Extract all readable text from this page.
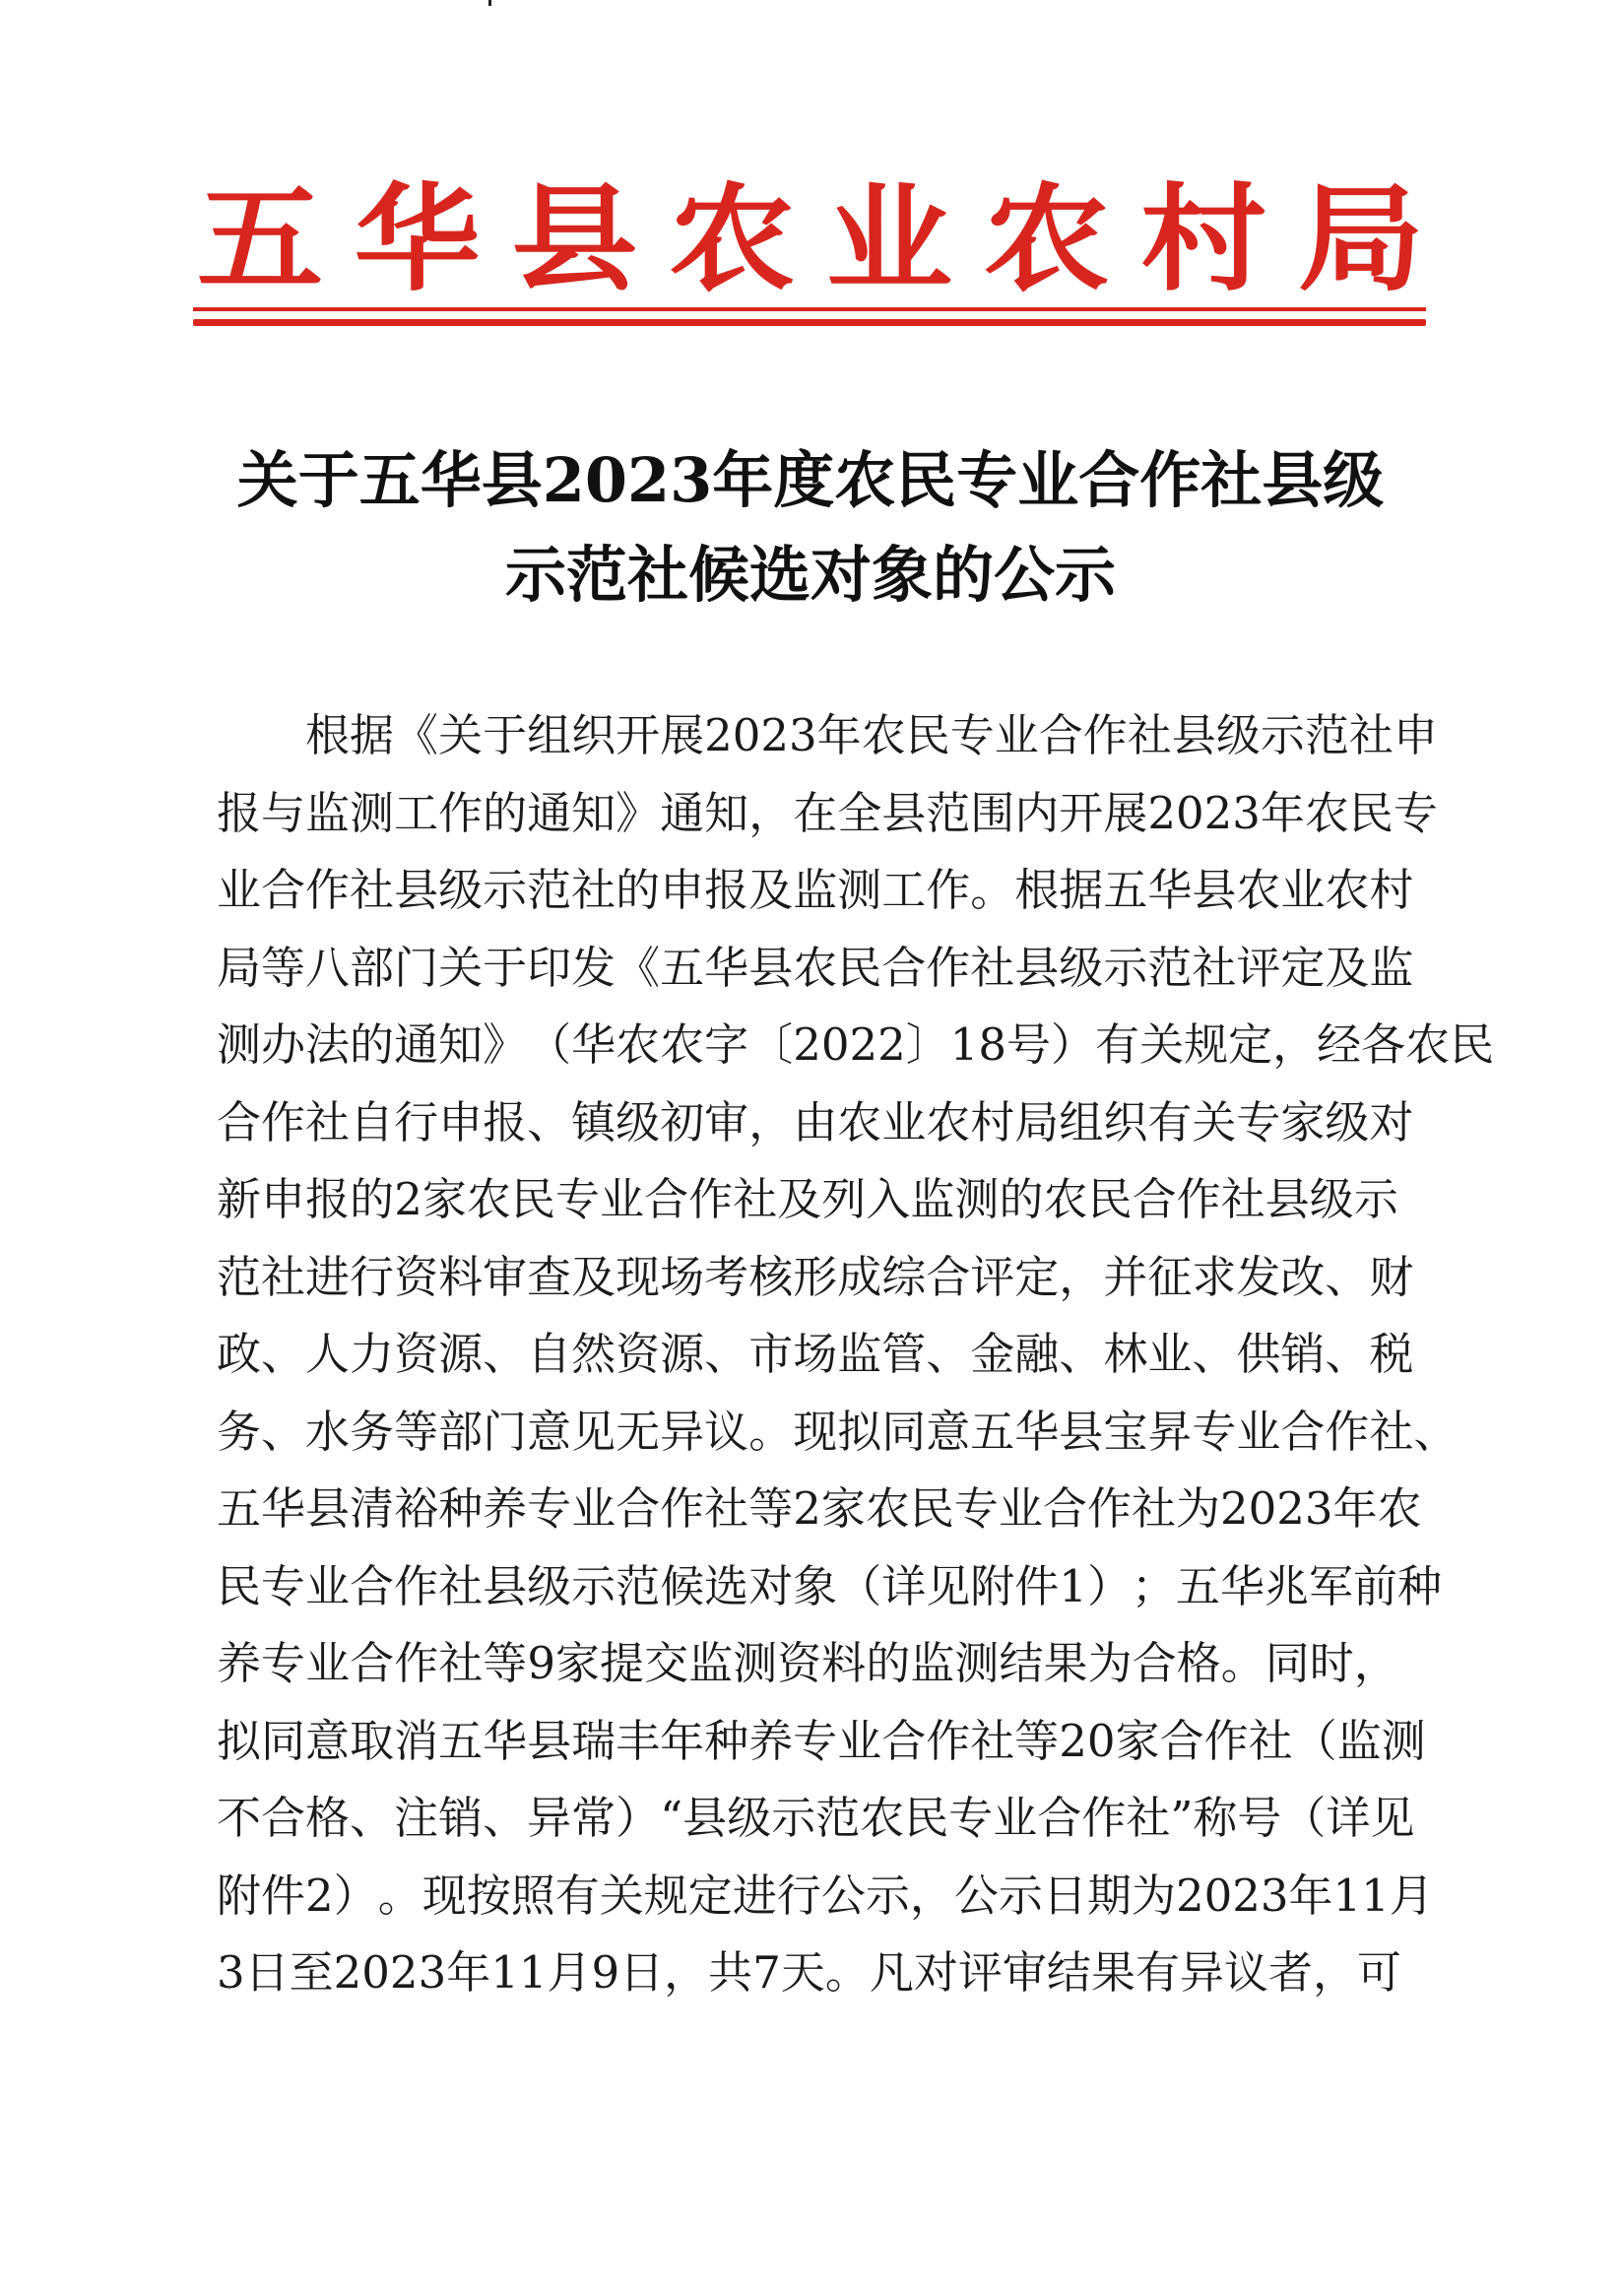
五 华 县 农 业 农 村 局
关于五华县2023年度农民专业合作社县级
示范社候选对象的公示
根 据 《 关 于 组 织 开 展 2023 年 农 民 专 业 合 作 社 县 级 示 范 社 申
报 与 监 测 工 作 的 通 知 》 通 知 ， 在 全 县 范 围 内 开 展 2023 年 农 民 专
业 合 作 社 县 级 示 范 社 的 申 报 及 监 测 工 作 。 根 据 五 华 县 农 业 农 村
局 等 八 部 门 关 于 印 发 《 五 华 县 农 民 合 作 社 县 级 示 范 社 评 定 及 监
测 办 法 的 通 知 》 （ 华 农 农 字 〔 2022 〕 18 号 ） 有 关 规 定 ， 经 各 农 民
合 作 社 自 行 申 报 、 镇 级 初 审 ， 由 农 业 农 村 局 组 织 有 关 专 家 级 对
新 申 报 的 2 家 农 民 专 业 合 作 社 及 列 入 监 测 的 农 民 合 作 社 县 级 示
范 社 进 行 资 料 审 查 及 现 场 考 核 形 成 综 合 评 定 ， 并 征 求 发 改 、 财
政 、 人 力 资 源 、 自 然 资 源 、 市 场 监 管 、 金 融 、 林 业 、 供 销 、 税
务 、 水 务 等 部 门 意 见 无 异 议 。 现 拟 同 意 五 华 县 宝 昇 专 业 合 作 社 、
五 华 县 清 裕 种 养 专 业 合 作 社 等 2 家 农 民 专 业 合 作 社 为 2023 年 农
民 专 业 合 作 社 县 级 示 范 候 选 对 象 （ 详 见 附 件 1 ） ； 五 华 兆 军 前 种
养 专 业 合 作 社 等 9 家 提 交 监 测 资 料 的 监 测 结 果 为 合 格 。 同 时 ，
拟 同 意 取 消 五 华 县 瑞 丰 年 种 养 专 业 合 作 社 等 20 家 合 作 社 （ 监 测
不 合 格 、 注 销 、 异 常 ） “ 县 级 示 范 农 民 专 业 合 作 社 ” 称 号 （ 详 见
附 件 2 ） 。 现 按 照 有 关 规 定 进 行 公 示 ， 公 示 日 期 为 2023 年 11 月
3 日 至 2023 年 11 月 9 日 ， 共 7 天 。 凡 对 评 审 结 果 有 异 议 者 ， 可
